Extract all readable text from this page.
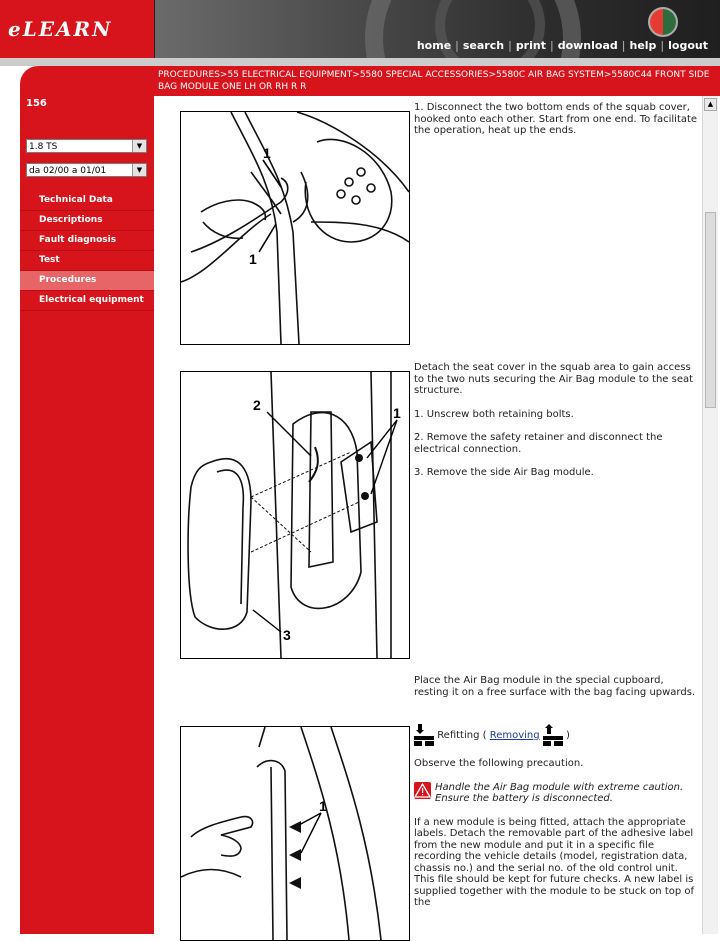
eLEARN
home | search | print | download | help | logout
PROCEDURES>55 ELECTRICAL EQUIPMENT>5580 SPECIAL ACCESSORIES>5580C AIR BAG SYSTEM>5580C44 FRONT SIDE BAG MODULE ONE LH OR RH R R
156
1.8 TS	▼
da 02/00 a 01/01	▼
Technical Data
Descriptions
Fault diagnosis
Test
Procedures
Electrical equipment
▲
1
1

1. Disconnect the two bottom ends of the squab cover, hooked onto each other. Start from one end. To facilitate the operation, heat up the ends.

2	1
3

Detach the seat cover in the squab area to gain access to the two nuts securing the Air Bag module to the seat structure.

1. Unscrew both retaining bolts.

2. Remove the safety retainer and disconnect the electrical connection.

3. Remove the side Air Bag module.

Place the Air Bag module in the special cupboard, resting it on a free surface with the bag facing upwards.

1
Refitting ( Removing	)

Observe the following precaution.

Handle the Air Bag module with extreme caution. Ensure the battery is disconnected.

If a new module is being fitted, attach the appropriate labels. Detach the removable part of the adhesive label from the new module and put it in a specific file recording the vehicle details (model, registration data, chassis no.) and the serial no. of the old control unit. This file should be kept for future checks. A new label is supplied together with the module to be stuck on top of the
